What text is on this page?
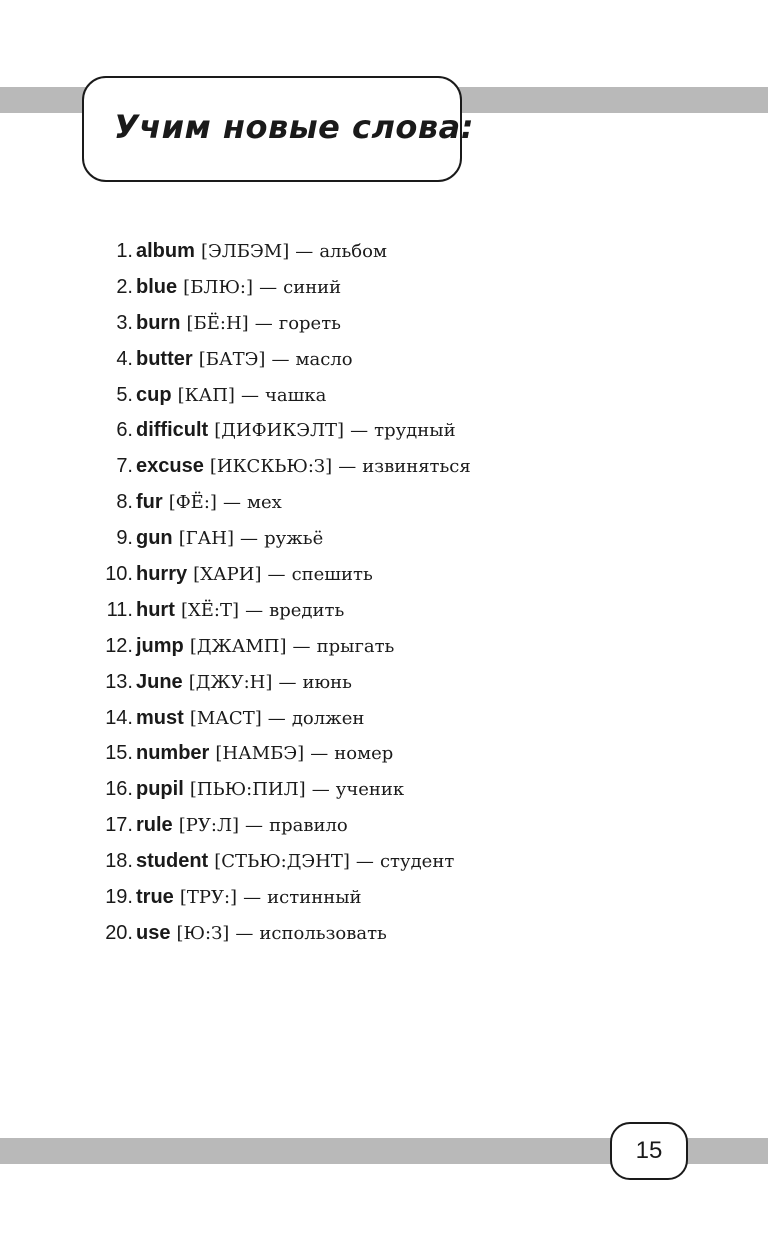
Учим новые слова:
1. album [ЭЛБЭМ] — альбом
2. blue [БЛЮ:] — синий
3. burn [БЁ:Н] — гореть
4. butter [БАТЭ] — масло
5. cup [КАП] — чашка
6. difficult [ДИФИКЭЛТ] — трудный
7. excuse [ИКСКЬЮ:З] — извиняться
8. fur [ФЁ:] — мех
9. gun [ГАН] — ружьё
10. hurry [ХАРИ] — спешить
11. hurt [ХЁ:Т] — вредить
12. jump [ДЖАМП] — прыгать
13. June [ДЖУ:Н] — июнь
14. must [МАСТ] — должен
15. number [НАМБЭ] — номер
16. pupil [ПЬЮ:ПИЛ] — ученик
17. rule [РУ:Л] — правило
18. student [СТЬЮ:ДЭНТ] — студент
19. true [ТРУ:] — истинный
20. use [Ю:З] — использовать
15
